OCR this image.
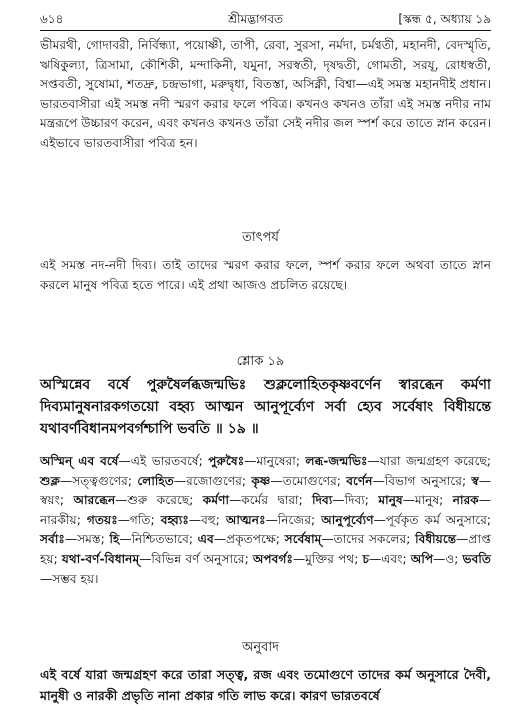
৬১৪	শ্রীমদ্ভাগবত	[স্কন্ধ ৫, অধ্যায় ১৯
ভীমরথী, গোদাবরী, নির্বিন্ধ্যা, পয়োষ্ণী, তাপী, রেবা, সুরসা, নর্মদা, চর্মণ্বতী, মহানদী, বেদস্মৃতি, ঋষিকুল্যা, ত্রিসামা, কৌশিকী, মন্দাকিনী, যমুনা, সরস্বতী, দৃষদ্বতী, গোমতী, সরযূ, রোধস্বতী, সপ্তবতী, সুষোমা, শতদ্রু, চন্দ্রভাগা, মরুদ্বৃধা, বিতস্তা, অসিক্নী, বিশ্বা—এই সমস্ত মহানদীই প্রধান। ভারতবাসীরা এই সমস্ত নদী স্মরণ করার ফলে পবিত্র। কখনও কখনও তাঁরা এই সমস্ত নদীর নাম মন্ত্ররূপে উচ্চারণ করেন, এবং কখনও কখনও তাঁরা সেই নদীর জল স্পর্শ করে তাতে স্নান করেন। এইভাবে ভারতবাসীরা পবিত্র হন।
তাৎপর্য
এই সমস্ত নদ-নদী দিব্য। তাই তাদের স্মরণ করার ফলে, স্পর্শ করার ফলে অথবা তাতে স্নান করলে মানুষ পবিত্র হতে পারে। এই প্রথা আজও প্রচলিত রয়েছে।
শ্লোক ১৯
অস্মিন্নেব বর্ষে পুরুষৈর্লব্ধজন্মভিঃ শুক্ললোহিতকৃষ্ণবর্ণেন স্বারব্ধেন কর্মণা দিব্যমানুষনারকগতয়ো বহ্ব্য আত্মন আনুপূর্ব্যেণ সর্বা হ্যেব সর্বেষাং বিধীয়ন্তে যথাবর্ণবিধানমপবর্গশ্চাপি ভবতি ॥ ১৯ ॥
অস্মিন্ এব বর্ষে—এই ভারতবর্ষে; পুরুষৈঃ—মানুষেরা; লব্ধ-জন্মভিঃ—যারা জন্মগ্রহণ করেছে; শুক্ল—সত্ত্বগুণের; লোহিত—রজোগুণের; কৃষ্ণ—তমোগুণের; বর্ণেন—বিভাগ অনুসারে; স্ব—স্বয়ং; আরব্ধেন—শুরু করেছে; কর্মণা—কর্মের দ্বারা; দিব্য—দিব্য; মানুষ—মানুষ; নারক—নারকীয়; গতয়ঃ—গতি; বহ্ব্যঃ—বহু; আত্মনঃ—নিজের; আনুপূর্ব্যেণ—পূর্বকৃত কর্ম অনুসারে; সর্বাঃ—সমস্ত; হি—নিশ্চিতভাবে; এব—প্রকৃতপক্ষে; সর্বেষাম্—তাদের সকলের; বিধীয়ন্তে—প্রাপ্ত হয়; যথা-বর্ণ-বিধানম্—বিভিন্ন বর্ণ অনুসারে; অপবর্গঃ—মুক্তির পথ; চ—এবং; অপি—ও; ভবতি—সম্ভব হয়।
অনুবাদ
এই বর্ষে যারা জন্মগ্রহণ করে তারা সত্ত্ব, রজ এবং তমোগুণে তাদের কর্ম অনুসারে দৈবী, মানুষী ও নারকী প্রভৃতি নানা প্রকার গতি লাভ করে। কারণ ভারতবর্ষে
